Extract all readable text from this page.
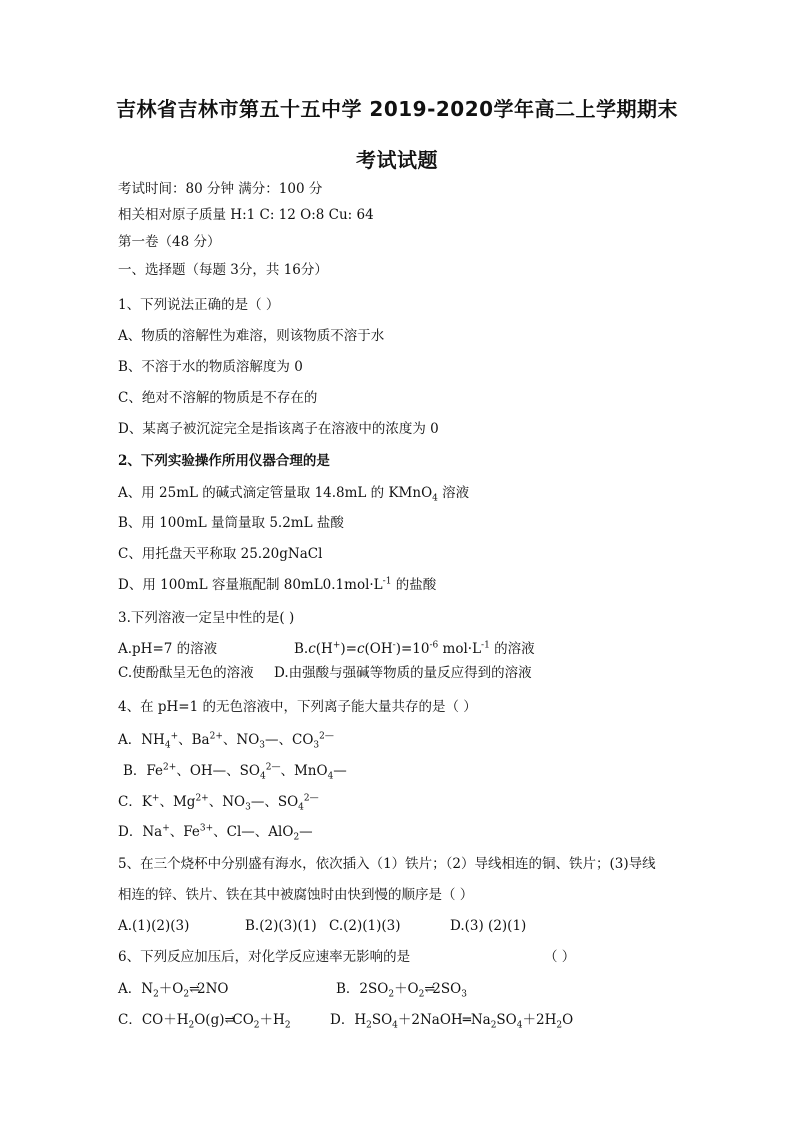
吉林省吉林市第五十五中学 2019-2020学年高二上学期期末
考试试题
考试时间：80 分钟 满分：100 分
相关相对原子质量 H:1 C: 12 O:8 Cu: 64
第一卷（48 分）
一、选择题（每题 3分，共 16分）
1、下列说法正确的是（ ）
A、物质的溶解性为难溶，则该物质不溶于水
B、不溶于水的物质溶解度为 0
C、绝对不溶解的物质是不存在的
D、某离子被沉淀完全是指该离子在溶液中的浓度为 0
2、下列实验操作所用仪器合理的是
A、用 25mL 的碱式滴定管量取 14.8mL 的 KMnO$_4$ 溶液
B、用 100mL 量筒量取 5.2mL 盐酸
C、用托盘天平称取 25.20gNaCl
D、用 100mL 容量瓶配制 $80mL0.1mol\cdot L^{-1}$ 的盐酸
3.下列溶液一定呈中性的是( )
A.pH=7 的溶液	$B.c(H^+)=c(OH^-)=10^{-6}$ $mol\cdot L^{-1}$ 的溶液
C.使酚酞呈无色的溶液 D.由强酸与强碱等物质的量反应得到的溶液
4、在 pH=1 的无色溶液中，下列离子能大量共存的是（ ）
A．$NH_4^+$、$Ba^{2+}$、$NO_3—$、$CO_3^{2—}$
B．$Fe^{2+}$、OH—、$SO_4^{2—}$、MnO$_4$—
C．K+、$Mg^{2+}$、$NO_3—$、$SO_4^{2—}$
D．Na+、$Fe^{3+}$、Cl—、AlO$_2$—
5、在三个烧杯中分别盛有海水，依次插入（1）铁片；（2）导线相连的铜、铁片；(3)导线
相连的锌、铁片、铁在其中被腐蚀时由快到慢的顺序是（ ）
A.(1)(2)(3)	B.(2)(3)(1) C.(2)(1)(3)	D.(3) (2)(1)
6、下列反应加压后，对化学反应速率无影响的是	（ ）
A．$N_2+O_2\rightleftharpoons 2NO$	B．$2SO_2+O_2\rightleftharpoons 2SO_3$
C．$CO+H_2O(g)\rightleftharpoons CO_2+H_2$	D．$H_2SO_4+2NaOH═Na_2SO_4+2H_2O$
